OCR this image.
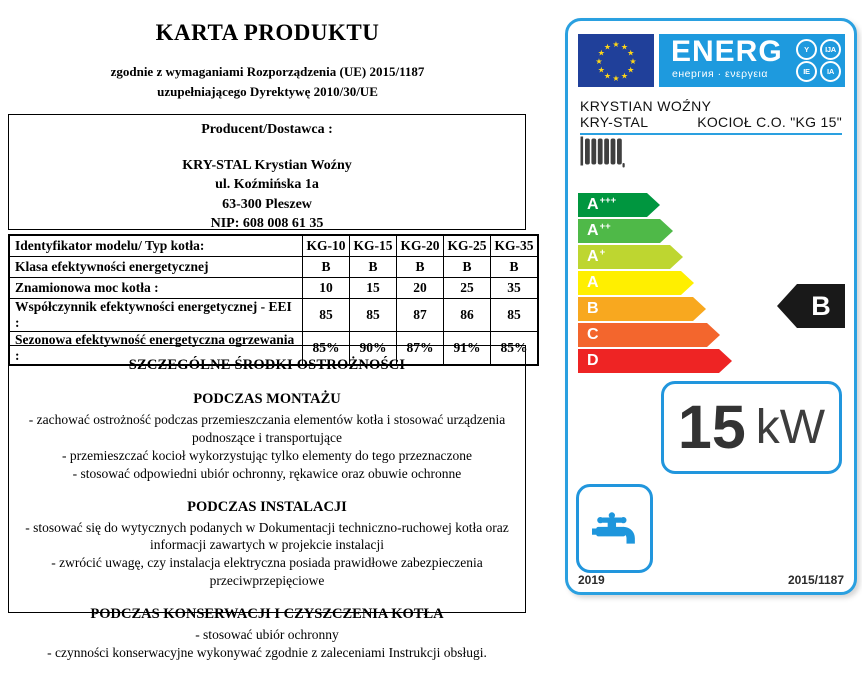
KARTA PRODUKTU
zgodnie z wymaganiami Rozporządzenia (UE) 2015/1187
uzupełniającego Dyrektywę 2010/30/UE
Producent/Dostawca :
KRY-STAL Krystian Woźny
ul. Koźmińska 1a
63-300 Pleszew
NIP: 608 008 61 35
Identyfikator modelu/ Typ kotła:	KG-10	KG-15	KG-20	KG-25	KG-35
Klasa efektywności energetycznej	B	B	B	B	B
Znamionowa moc kotła :	10	15	20	25	35
Współczynnik efektywności energetycznej - EEI :	85	85	87	86	85
Sezonowa efektywność energetyczna ogrzewania :	85%	90%	87%	91%	85%
SZCZEGÓLNE ŚRODKI OSTROŻNOŚCI
PODCZAS MONTAŻU
- zachować ostrożność podczas przemieszczania elementów kotła i stosować urządzenia podnoszące i transportujące
- przemieszczać kocioł wykorzystując tylko elementy do tego przeznaczone
- stosować odpowiedni ubiór ochronny, rękawice oraz obuwie ochronne
PODCZAS INSTALACJI
- stosować się do wytycznych podanych w Dokumentacji techniczno-ruchowej kotła oraz informacji zawartych w projekcie instalacji
- zwrócić uwagę, czy instalacja elektryczna posiada prawidłowe zabezpieczenia przeciwprzepięciowe
PODCZAS KONSERWACJI I CZYSZCZENIA KOTŁA
- stosować ubiór ochronny
- czynności konserwacyjne wykonywać zgodnie z zaleceniami Instrukcji obsługi.
★ ★
★
★
★
★
★
★
★
★
★
★ ENERG
енергия · ενεργεια
Y	IJA
IE	IA
KRYSTIAN WOŹNY
KRY-STAL	KOCIOŁ C.O. "KG 15"
A +++
A ++
A +
A
B
C
D
B
15 kW
2019	2015/1187
